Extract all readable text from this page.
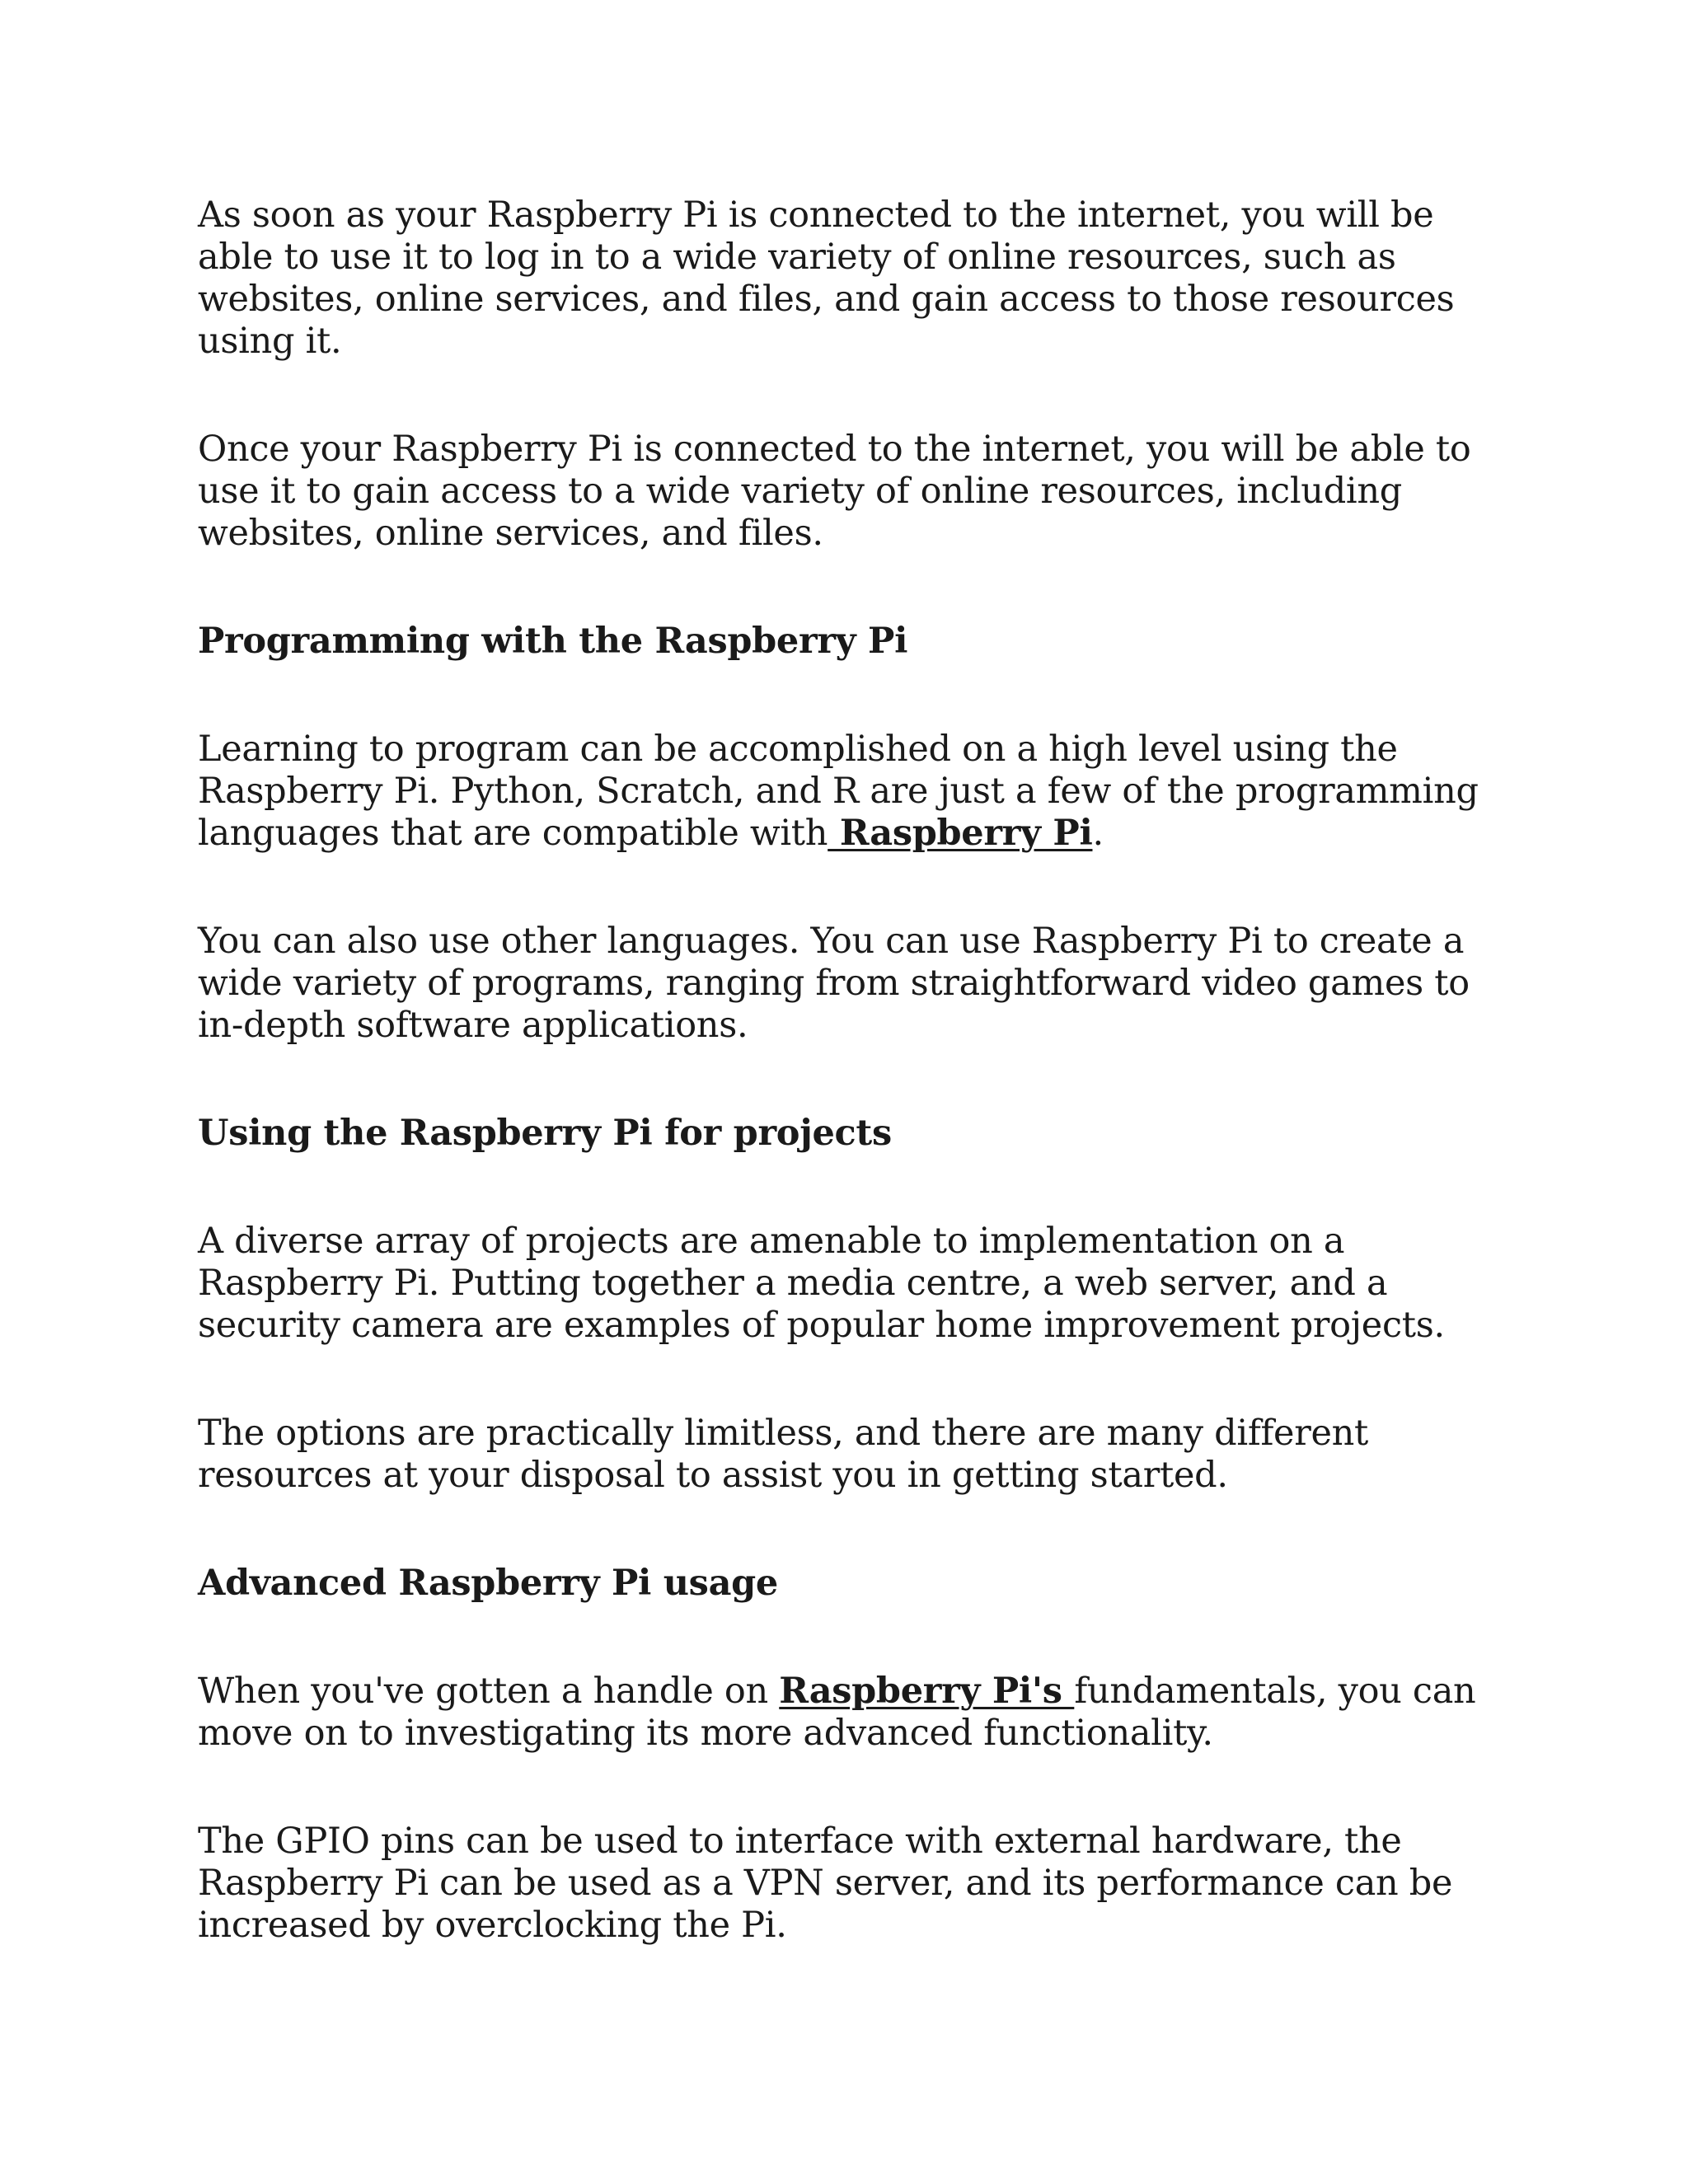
As soon as your Raspberry Pi is connected to the internet, you will be able to use it to log in to a wide variety of online resources, such as websites, online services, and files, and gain access to those resources using it.

Once your Raspberry Pi is connected to the internet, you will be able to use it to gain access to a wide variety of online resources, including websites, online services, and files.

Programming with the Raspberry Pi

Learning to program can be accomplished on a high level using the Raspberry Pi. Python, Scratch, and R are just a few of the programming languages that are compatible with Raspberry Pi.

You can also use other languages. You can use Raspberry Pi to create a wide variety of programs, ranging from straightforward video games to in-depth software applications.

Using the Raspberry Pi for projects

A diverse array of projects are amenable to implementation on a Raspberry Pi. Putting together a media centre, a web server, and a security camera are examples of popular home improvement projects.

The options are practically limitless, and there are many different resources at your disposal to assist you in getting started.

Advanced Raspberry Pi usage

When you've gotten a handle on Raspberry Pi's fundamentals, you can move on to investigating its more advanced functionality.

The GPIO pins can be used to interface with external hardware, the Raspberry Pi can be used as a VPN server, and its performance can be increased by overclocking the Pi.
